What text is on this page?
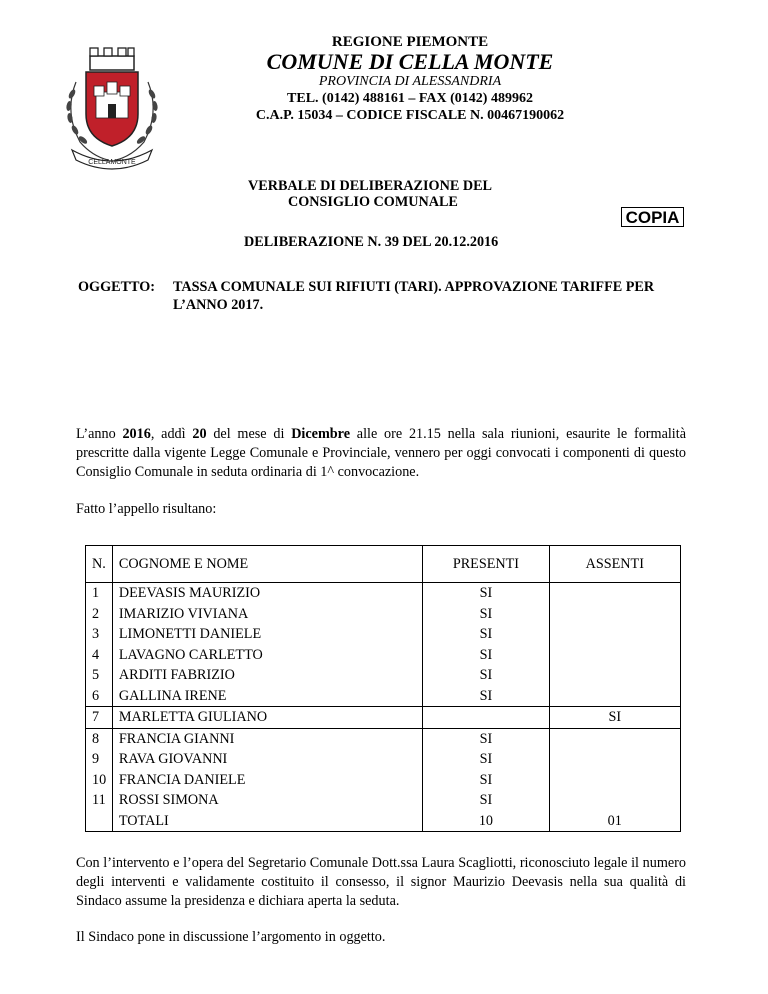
CELLAMONTE
REGIONE PIEMONTE
COMUNE DI CELLA MONTE
PROVINCIA DI ALESSANDRIA
TEL. (0142) 488161 – FAX (0142) 489962
C.A.P. 15034 – CODICE FISCALE N. 00467190062
VERBALE DI DELIBERAZIONE DEL
CONSIGLIO COMUNALE
COPIA
DELIBERAZIONE N. 39 DEL 20.12.2016
OGGETTO: TASSA COMUNALE SUI RIFIUTI (TARI). APPROVAZIONE TARIFFE PER
L’ANNO 2017.
L’anno 2016, addì 20 del mese di Dicembre alle ore 21.15 nella sala riunioni, esaurite le formalità prescritte dalla vigente Legge Comunale e Provinciale, vennero per oggi convocati i componenti di questo Consiglio Comunale in seduta ordinaria di 1^ convocazione.
Fatto l’appello risultano:
N.	COGNOME E NOME	PRESENTI	ASSENTI
1	DEEVASIS MAURIZIO	SI	
2	IMARIZIO VIVIANA	SI	
3	LIMONETTI DANIELE	SI	
4	LAVAGNO CARLETTO	SI	
5	ARDITI FABRIZIO	SI	
6	GALLINA IRENE	SI	
7	MARLETTA GIULIANO		SI
8	FRANCIA GIANNI	SI	
9	RAVA GIOVANNI	SI	
10	FRANCIA DANIELE	SI	
11	ROSSI SIMONA	SI	
	TOTALI	10	01
Con l’intervento e l’opera del Segretario Comunale Dott.ssa Laura Scagliotti, riconosciuto legale il numero degli interventi e validamente costituito il consesso, il signor Maurizio Deevasis nella sua qualità di Sindaco assume la presidenza e dichiara aperta la seduta.
Il Sindaco pone in discussione l’argomento in oggetto.
